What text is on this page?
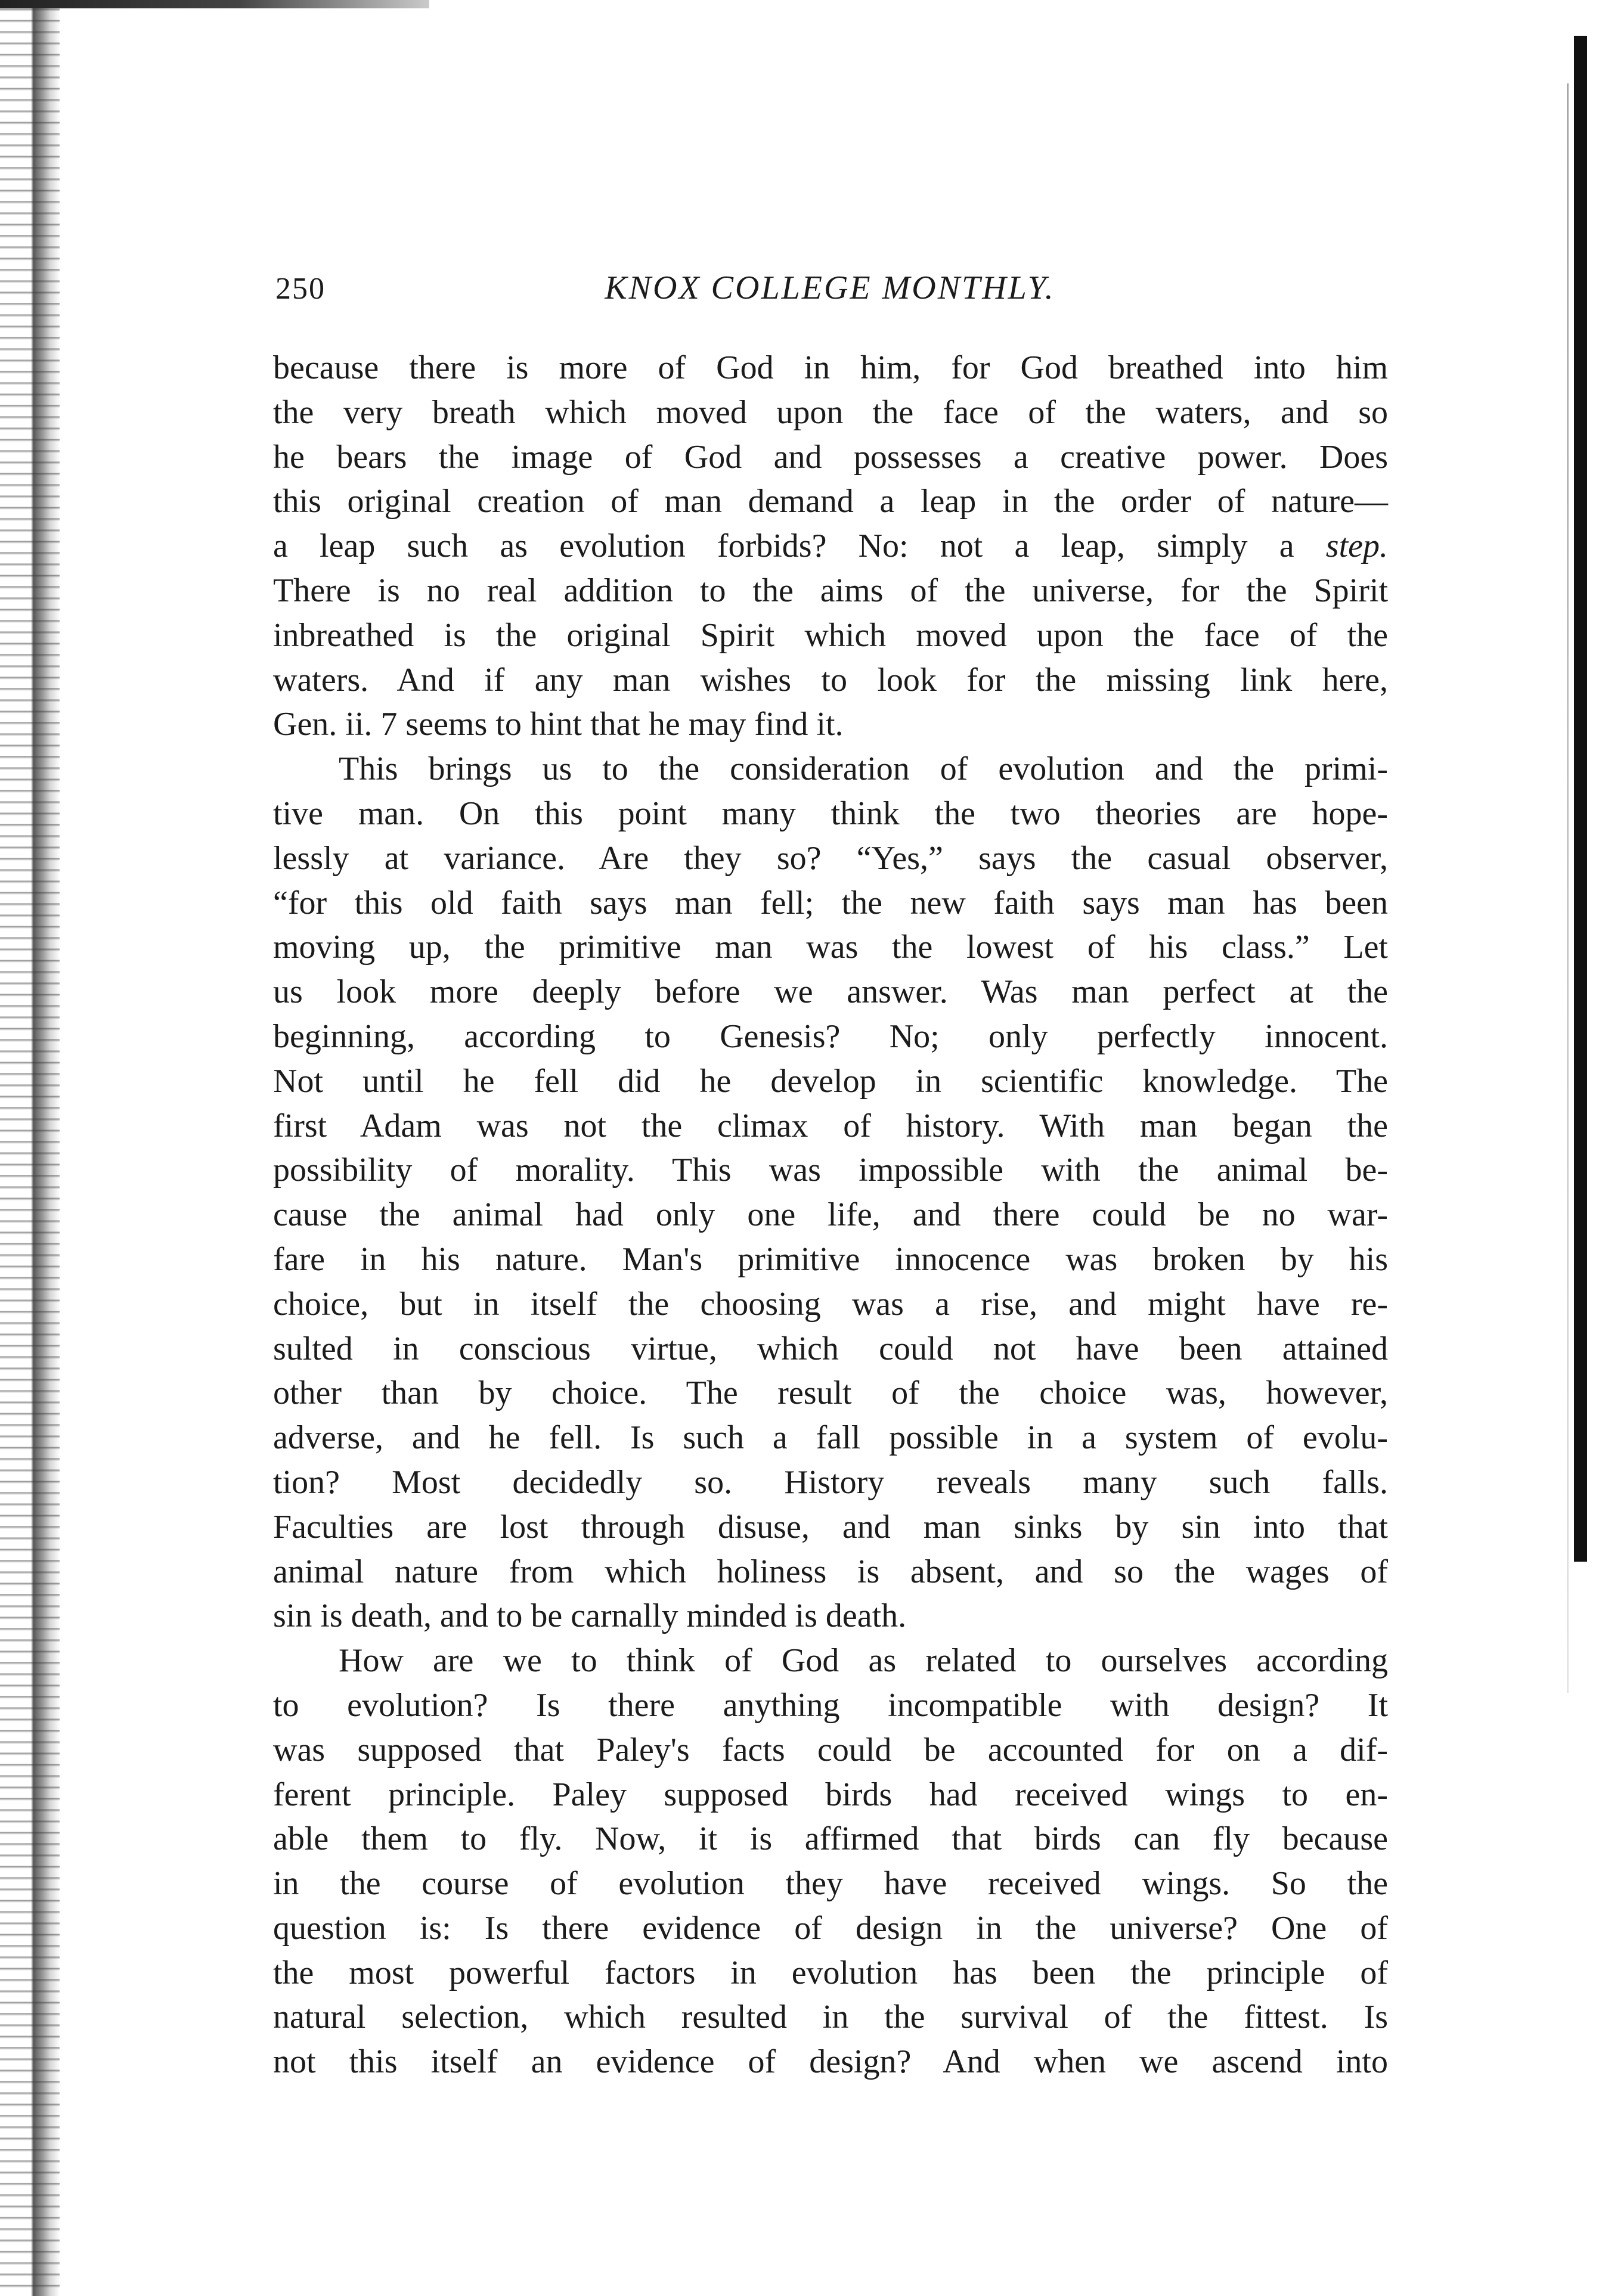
250	KNOX COLLEGE MONTHLY.
because there is more of God in him, for God breathed into him
the very breath which moved upon the face of the waters, and so
he bears the image of God and possesses a creative power. Does
this original creation of man demand a leap in the order of nature—
a leap such as evolution forbids? No: not a leap, simply a step.
There is no real addition to the aims of the universe, for the Spirit
inbreathed is the original Spirit which moved upon the face of the
waters. And if any man wishes to look for the missing link here,
Gen. ii. 7 seems to hint that he may find it.
This brings us to the consideration of evolution and the primi-
tive man. On this point many think the two theories are hope-
lessly at variance. Are they so? “Yes,” says the casual observer,
“for this old faith says man fell; the new faith says man has been
moving up, the primitive man was the lowest of his class.” Let
us look more deeply before we answer. Was man perfect at the
beginning, according to Genesis? No; only perfectly innocent.
Not until he fell did he develop in scientific knowledge. The
first Adam was not the climax of history. With man began the
possibility of morality. This was impossible with the animal be-
cause the animal had only one life, and there could be no war-
fare in his nature. Man's primitive innocence was broken by his
choice, but in itself the choosing was a rise, and might have re-
sulted in conscious virtue, which could not have been attained
other than by choice. The result of the choice was, however,
adverse, and he fell. Is such a fall possible in a system of evolu-
tion? Most decidedly so. History reveals many such falls.
Faculties are lost through disuse, and man sinks by sin into that
animal nature from which holiness is absent, and so the wages of
sin is death, and to be carnally minded is death.
How are we to think of God as related to ourselves according
to evolution? Is there anything incompatible with design? It
was supposed that Paley's facts could be accounted for on a dif-
ferent principle. Paley supposed birds had received wings to en-
able them to fly. Now, it is affirmed that birds can fly because
in the course of evolution they have received wings. So the
question is: Is there evidence of design in the universe? One of
the most powerful factors in evolution has been the principle of
natural selection, which resulted in the survival of the fittest. Is
not this itself an evidence of design? And when we ascend into
